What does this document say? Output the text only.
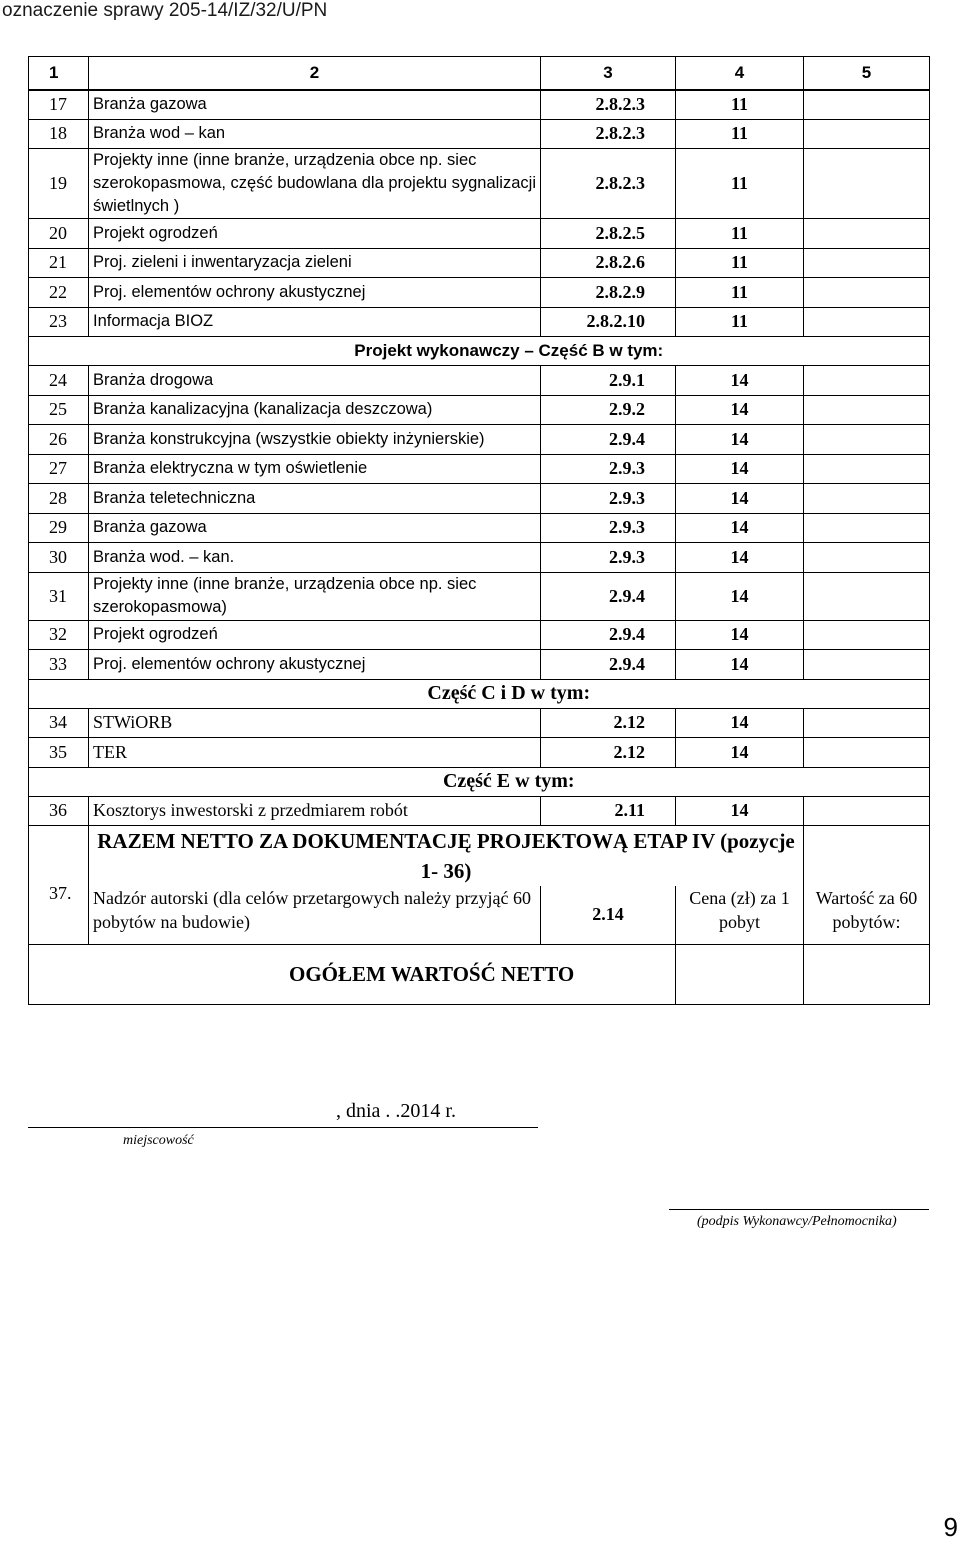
oznaczenie sprawy 205-14/IZ/32/U/PN
1	2	3	4	5
17	Branża gazowa	2.8.2.3	11	
18	Branża wod – kan	2.8.2.3	11	
19	Projekty inne (inne branże, urządzenia obce np. siec szerokopasmowa, część budowlana dla projektu sygnalizacji świetlnych )	2.8.2.3	11	
20	Projekt ogrodzeń	2.8.2.5	11	
21	Proj. zieleni i inwentaryzacja zieleni	2.8.2.6	11	
22	Proj. elementów ochrony akustycznej	2.8.2.9	11	
23	Informacja BIOZ	2.8.2.10	11	
	Projekt wykonawczy – Część B w tym:			
24	Branża drogowa	2.9.1	14	
25	Branża kanalizacyjna (kanalizacja deszczowa)	2.9.2	14	
26	Branża konstrukcyjna (wszystkie obiekty inżynierskie)	2.9.4	14	
27	Branża elektryczna w tym oświetlenie	2.9.3	14	
28	Branża teletechniczna	2.9.3	14	
29	Branża gazowa	2.9.3	14	
30	Branża wod. – kan.	2.9.3	14	
31	Projekty inne (inne branże, urządzenia obce np. siec szerokopasmowa)	2.9.4	14	
32	Projekt ogrodzeń	2.9.4	14	
33	Proj. elementów ochrony akustycznej	2.9.4	14	
	Część C i D w tym:			
34	STWiORB	2.12	14	
35	TER	2.12	14	
	Część E w tym:			
36	Kosztorys inwestorski z przedmiarem robót	2.11	14	
37.	RAZEM NETTO ZA DOKUMENTACJĘ PROJEKTOWĄ ETAP IV (pozycje 1- 36)			
	Nadzór autorski (dla celów przetargowych należy przyjąć 60 pobytów na budowie)	2.14	Cena (zł) za 1 pobyt	Wartość za 60 pobytów:
OGÓŁEM WARTOŚĆ NETTO				
, dnia . .2014 r.
miejscowość
(podpis Wykonawcy/Pełnomocnika)
9
